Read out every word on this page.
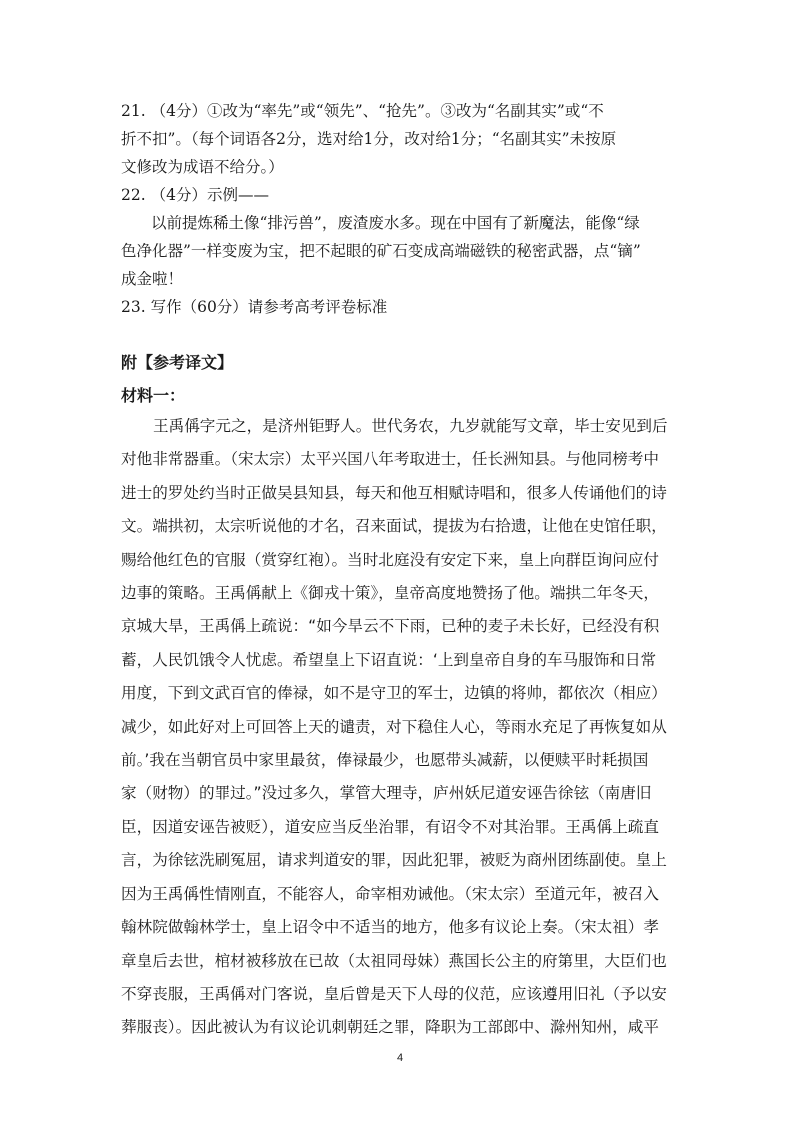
21. （4分）①改为“率先”或“领先”、“抢先”。③改为“名副其实”或“不

折不扣”。（每个词语各2分，选对给1分，改对给1分；“名副其实”未按原

文修改为成语不给分。）

22. （4分）示例——

以前提炼稀土像“排污兽”，废渣废水多。现在中国有了新魔法，能像“绿

色净化器”一样变废为宝，把不起眼的矿石变成高端磁铁的秘密武器，点“镝”

成金啦！

23. 写作（60分）请参考高考评卷标准

附【参考译文】

材料一：

王禹偁字元之，是济州钜野人。世代务农，九岁就能写文章，毕士安见到后

对他非常器重。（宋太宗）太平兴国八年考取进士，任长洲知县。与他同榜考中

进士的罗处约当时正做吴县知县，每天和他互相赋诗唱和，很多人传诵他们的诗

文。端拱初，太宗听说他的才名，召来面试，提拔为右拾遗，让他在史馆任职，

赐给他红色的官服（赏穿红袍）。当时北庭没有安定下来，皇上向群臣询问应付

边事的策略。王禹偁献上《御戎十策》，皇帝高度地赞扬了他。端拱二年冬天，

京城大旱，王禹偁上疏说：“如今旱云不下雨，已种的麦子未长好，已经没有积

蓄，人民饥饿令人忧虑。希望皇上下诏直说：‘上到皇帝自身的车马服饰和日常

用度，下到文武百官的俸禄，如不是守卫的军士，边镇的将帅，都依次（相应）

减少，如此好对上可回答上天的谴责，对下稳住人心，等雨水充足了再恢复如从

前。’我在当朝官员中家里最贫，俸禄最少，也愿带头减薪，以便赎平时耗损国

家（财物）的罪过。”没过多久，掌管大理寺，庐州妖尼道安诬告徐铉（南唐旧

臣，因道安诬告被贬），道安应当反坐治罪，有诏令不对其治罪。王禹偁上疏直

言，为徐铉洗刷冤屈，请求判道安的罪，因此犯罪，被贬为商州团练副使。皇上

因为王禹偁性情刚直，不能容人，命宰相劝诫他。（宋太宗）至道元年，被召入

翰林院做翰林学士，皇上诏令中不适当的地方，他多有议论上奏。（宋太祖）孝

章皇后去世，棺材被移放在已故（太祖同母妹）燕国长公主的府第里，大臣们也

不穿丧服，王禹偁对门客说，皇后曾是天下人母的仪范，应该遵用旧礼（予以安

葬服丧）。因此被认为有议论讥刺朝廷之罪，降职为工部郎中、滁州知州，咸平

4
